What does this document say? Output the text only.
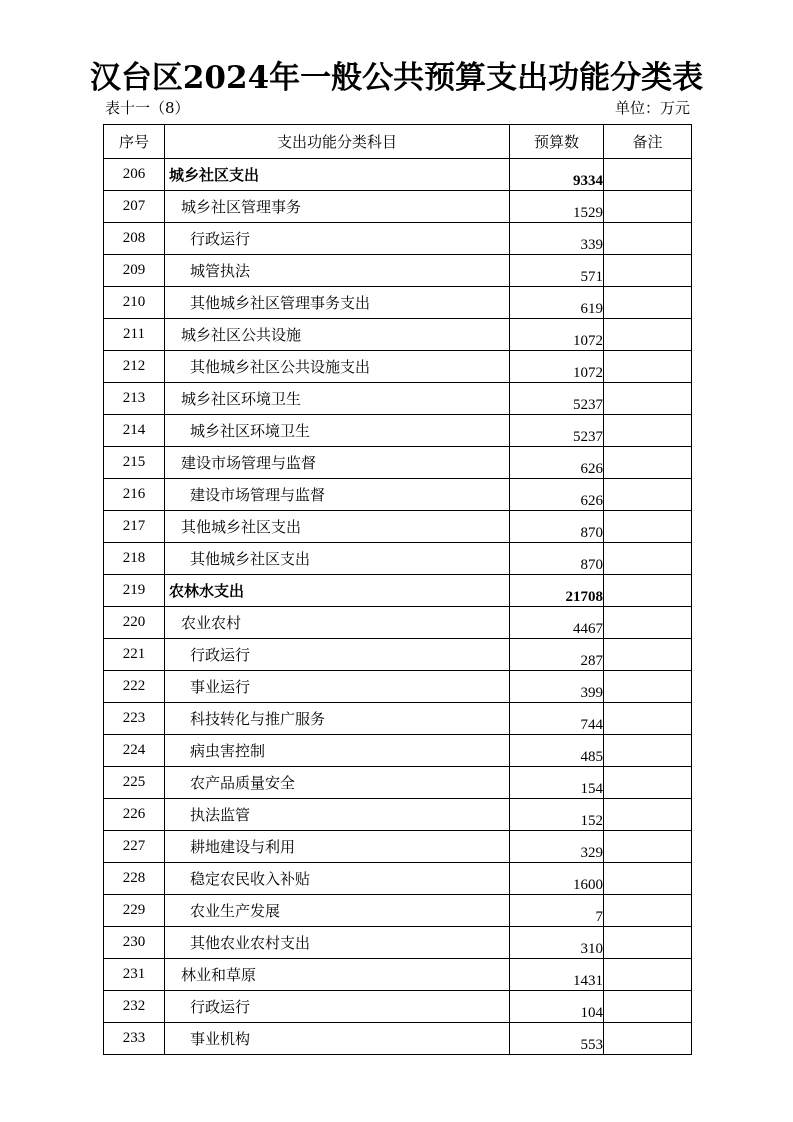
汉台区2024年一般公共预算支出功能分类表
表十一（8）	单位：万元
序号	支出功能分类科目	预算数	备注
206	城乡社区支出	9334	
207	城乡社区管理事务	1529	
208	行政运行	339	
209	城管执法	571	
210	其他城乡社区管理事务支出	619	
211	城乡社区公共设施	1072	
212	其他城乡社区公共设施支出	1072	
213	城乡社区环境卫生	5237	
214	城乡社区环境卫生	5237	
215	建设市场管理与监督	626	
216	建设市场管理与监督	626	
217	其他城乡社区支出	870	
218	其他城乡社区支出	870	
219	农林水支出	21708	
220	农业农村	4467	
221	行政运行	287	
222	事业运行	399	
223	科技转化与推广服务	744	
224	病虫害控制	485	
225	农产品质量安全	154	
226	执法监管	152	
227	耕地建设与利用	329	
228	稳定农民收入补贴	1600	
229	农业生产发展	7	
230	其他农业农村支出	310	
231	林业和草原	1431	
232	行政运行	104	
233	事业机构	553	
